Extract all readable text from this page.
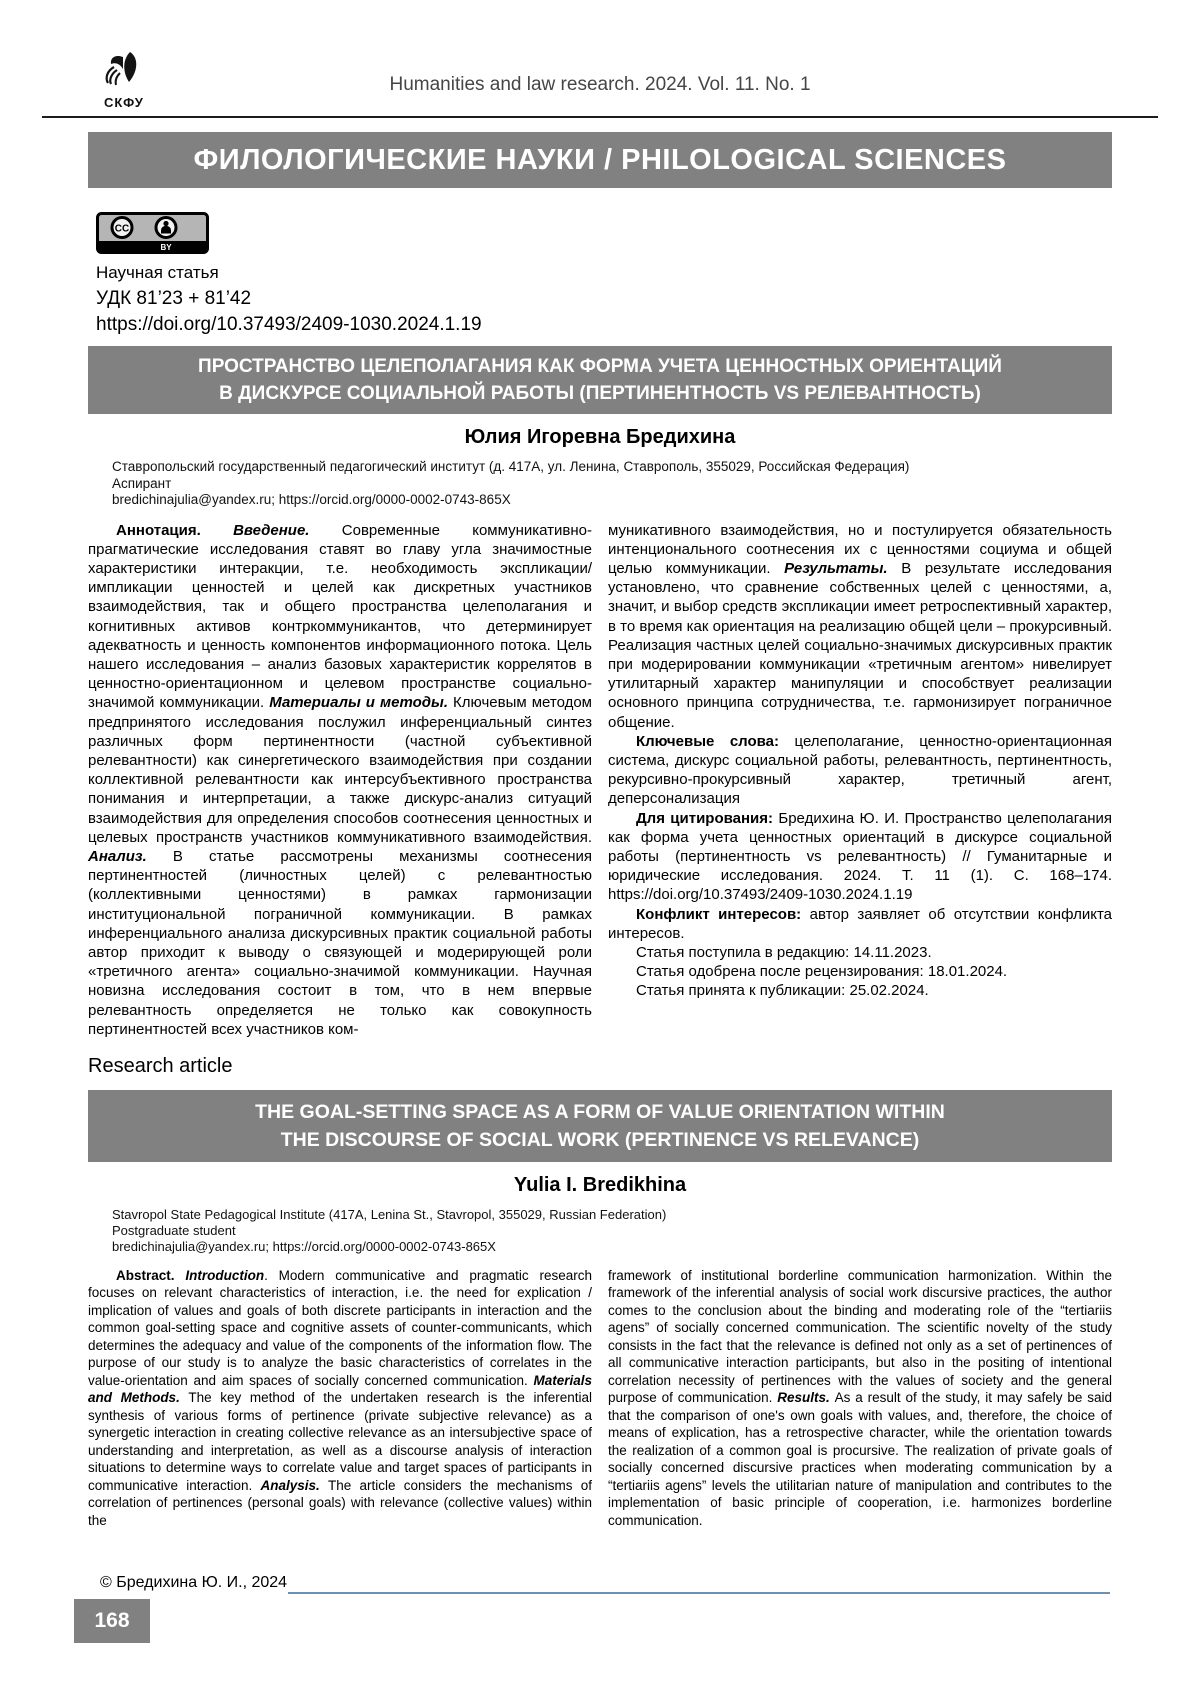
СКФУ
Humanities and law research. 2024. Vol. 11. No. 1
ФИЛОЛОГИЧЕСКИЕ НАУКИ / PHILOLOGICAL SCIENCES
CC
BY
Научная статья
УДК 81’23 + 81’42
https://doi.org/10.37493/2409-1030.2024.1.19
ПРОСТРАНСТВО ЦЕЛЕПОЛАГАНИЯ КАК ФОРМА УЧЕТА ЦЕННОСТНЫХ ОРИЕНТАЦИЙ
В ДИСКУРСЕ СОЦИАЛЬНОЙ РАБОТЫ (ПЕРТИНЕНТНОСТЬ VS РЕЛЕВАНТНОСТЬ)
Юлия Игоревна Бредихина
Ставропольский государственный педагогический институт (д. 417А, ул. Ленина, Ставрополь, 355029, Российская Федерация)
Аспирант
bredichinajulia@yandex.ru; https://orcid.org/0000-0002-0743-865X

Аннотация. Введение. Современные коммуникативно-прагматические исследования ставят во главу угла значимостные характеристики интеракции, т.е. необходимость экспликации/импликации ценностей и целей как дискретных участников взаимодействия, так и общего пространства целеполагания и когнитивных активов контркоммуникантов, что детерминирует адекватность и ценность компонентов информационного потока. Цель нашего исследования – анализ базовых характеристик коррелятов в ценностно-ориентационном и целевом пространстве социально-значимой коммуникации. Материалы и методы. Ключевым методом предпринятого исследования послужил инференциальный синтез различных форм пертинентности (частной субъективной релевантности) как синергетического взаимодействия при создании коллективной релевантности как интерсубъективного пространства понимания и интерпретации, а также дискурс-анализ ситуаций взаимодействия для определения способов соотнесения ценностных и целевых пространств участников коммуникативного взаимодействия. Анализ. В статье рассмотрены механизмы соотнесения пертинентностей (личностных целей) с релевантностью (коллективными ценностями) в рамках гармонизации институциональной пограничной коммуникации. В рамках инференциального анализа дискурсивных практик социальной работы автор приходит к выводу о связующей и модерирующей роли «третичного агента» социально-значимой коммуникации. Научная новизна исследования состоит в том, что в нем впервые релевантность определяется не только как совокупность пертинентностей всех участников ком-

муникативного взаимодействия, но и постулируется обязательность интенционального соотнесения их с ценностями социума и общей целью коммуникации. Результаты. В результате исследования установлено, что сравнение собственных целей с ценностями, а, значит, и выбор средств экспликации имеет ретроспективный характер, в то время как ориентация на реализацию общей цели – прокурсивный. Реализация частных целей социально-значимых дискурсивных практик при модерировании коммуникации «третичным агентом» нивелирует утилитарный характер манипуляции и способствует реализации основного принципа сотрудничества, т.е. гармонизирует пограничное общение.

Ключевые слова: целеполагание, ценностно-ориентационная система, дискурс социальной работы, релевантность, пертинентность, рекурсивно-прокурсивный характер, третичный агент, деперсонализация

Для цитирования: Бредихина Ю. И. Пространство целеполагания как форма учета ценностных ориентаций в дискурсе социальной работы (пертинентность vs релевантность) // Гуманитарные и юридические исследования. 2024. Т. 11 (1). С. 168–174. https://doi.org/10.37493/2409-1030.2024.1.19

Конфликт интересов: автор заявляет об отсутствии конфликта интересов.

Статья поступила в редакцию: 14.11.2023.

Статья одобрена после рецензирования: 18.01.2024.

Статья принята к публикации: 25.02.2024.

Research article
THE GOAL-SETTING SPACE AS A FORM OF VALUE ORIENTATION WITHIN
THE DISCOURSE OF SOCIAL WORK (PERTINENCE VS RELEVANCE)
Yulia I. Bredikhina
Stavropol State Pedagogical Institute (417A, Lenina St., Stavropol, 355029, Russian Federation)
Postgraduate student
bredichinajulia@yandex.ru; https://orcid.org/0000-0002-0743-865X

Abstract. Introduction. Modern communicative and pragmatic research focuses on relevant characteristics of interaction, i.e. the need for explication / implication of values and goals of both discrete participants in interaction and the common goal-setting space and cognitive assets of counter-communicants, which determines the adequacy and value of the components of the information flow. The purpose of our study is to analyze the basic characteristics of correlates in the value-orientation and aim spaces of socially concerned communication. Materials and Methods. The key method of the undertaken research is the inferential synthesis of various forms of pertinence (private subjective relevance) as a synergetic interaction in creating collective relevance as an intersubjective space of understanding and interpretation, as well as a discourse analysis of interaction situations to determine ways to correlate value and target spaces of participants in communicative interaction. Analysis. The article considers the mechanisms of correlation of pertinences (personal goals) with relevance (collective values) within the

framework of institutional borderline communication harmonization. Within the framework of the inferential analysis of social work discursive practices, the author comes to the conclusion about the binding and moderating role of the “tertiariis agens” of socially concerned communication. The scientific novelty of the study consists in the fact that the relevance is defined not only as a set of pertinences of all communicative interaction participants, but also in the positing of intentional correlation necessity of pertinences with the values of society and the general purpose of communication. Results. As a result of the study, it may safely be said that the comparison of one's own goals with values, and, therefore, the choice of means of explication, has a retrospective character, while the orientation towards the realization of a common goal is procursive. The realization of private goals of socially concerned discursive practices when moderating communication by a “tertiariis agens” levels the utilitarian nature of manipulation and contributes to the implementation of basic principle of cooperation, i.e. harmonizes borderline communication.

© Бредихина Ю. И., 2024
168
